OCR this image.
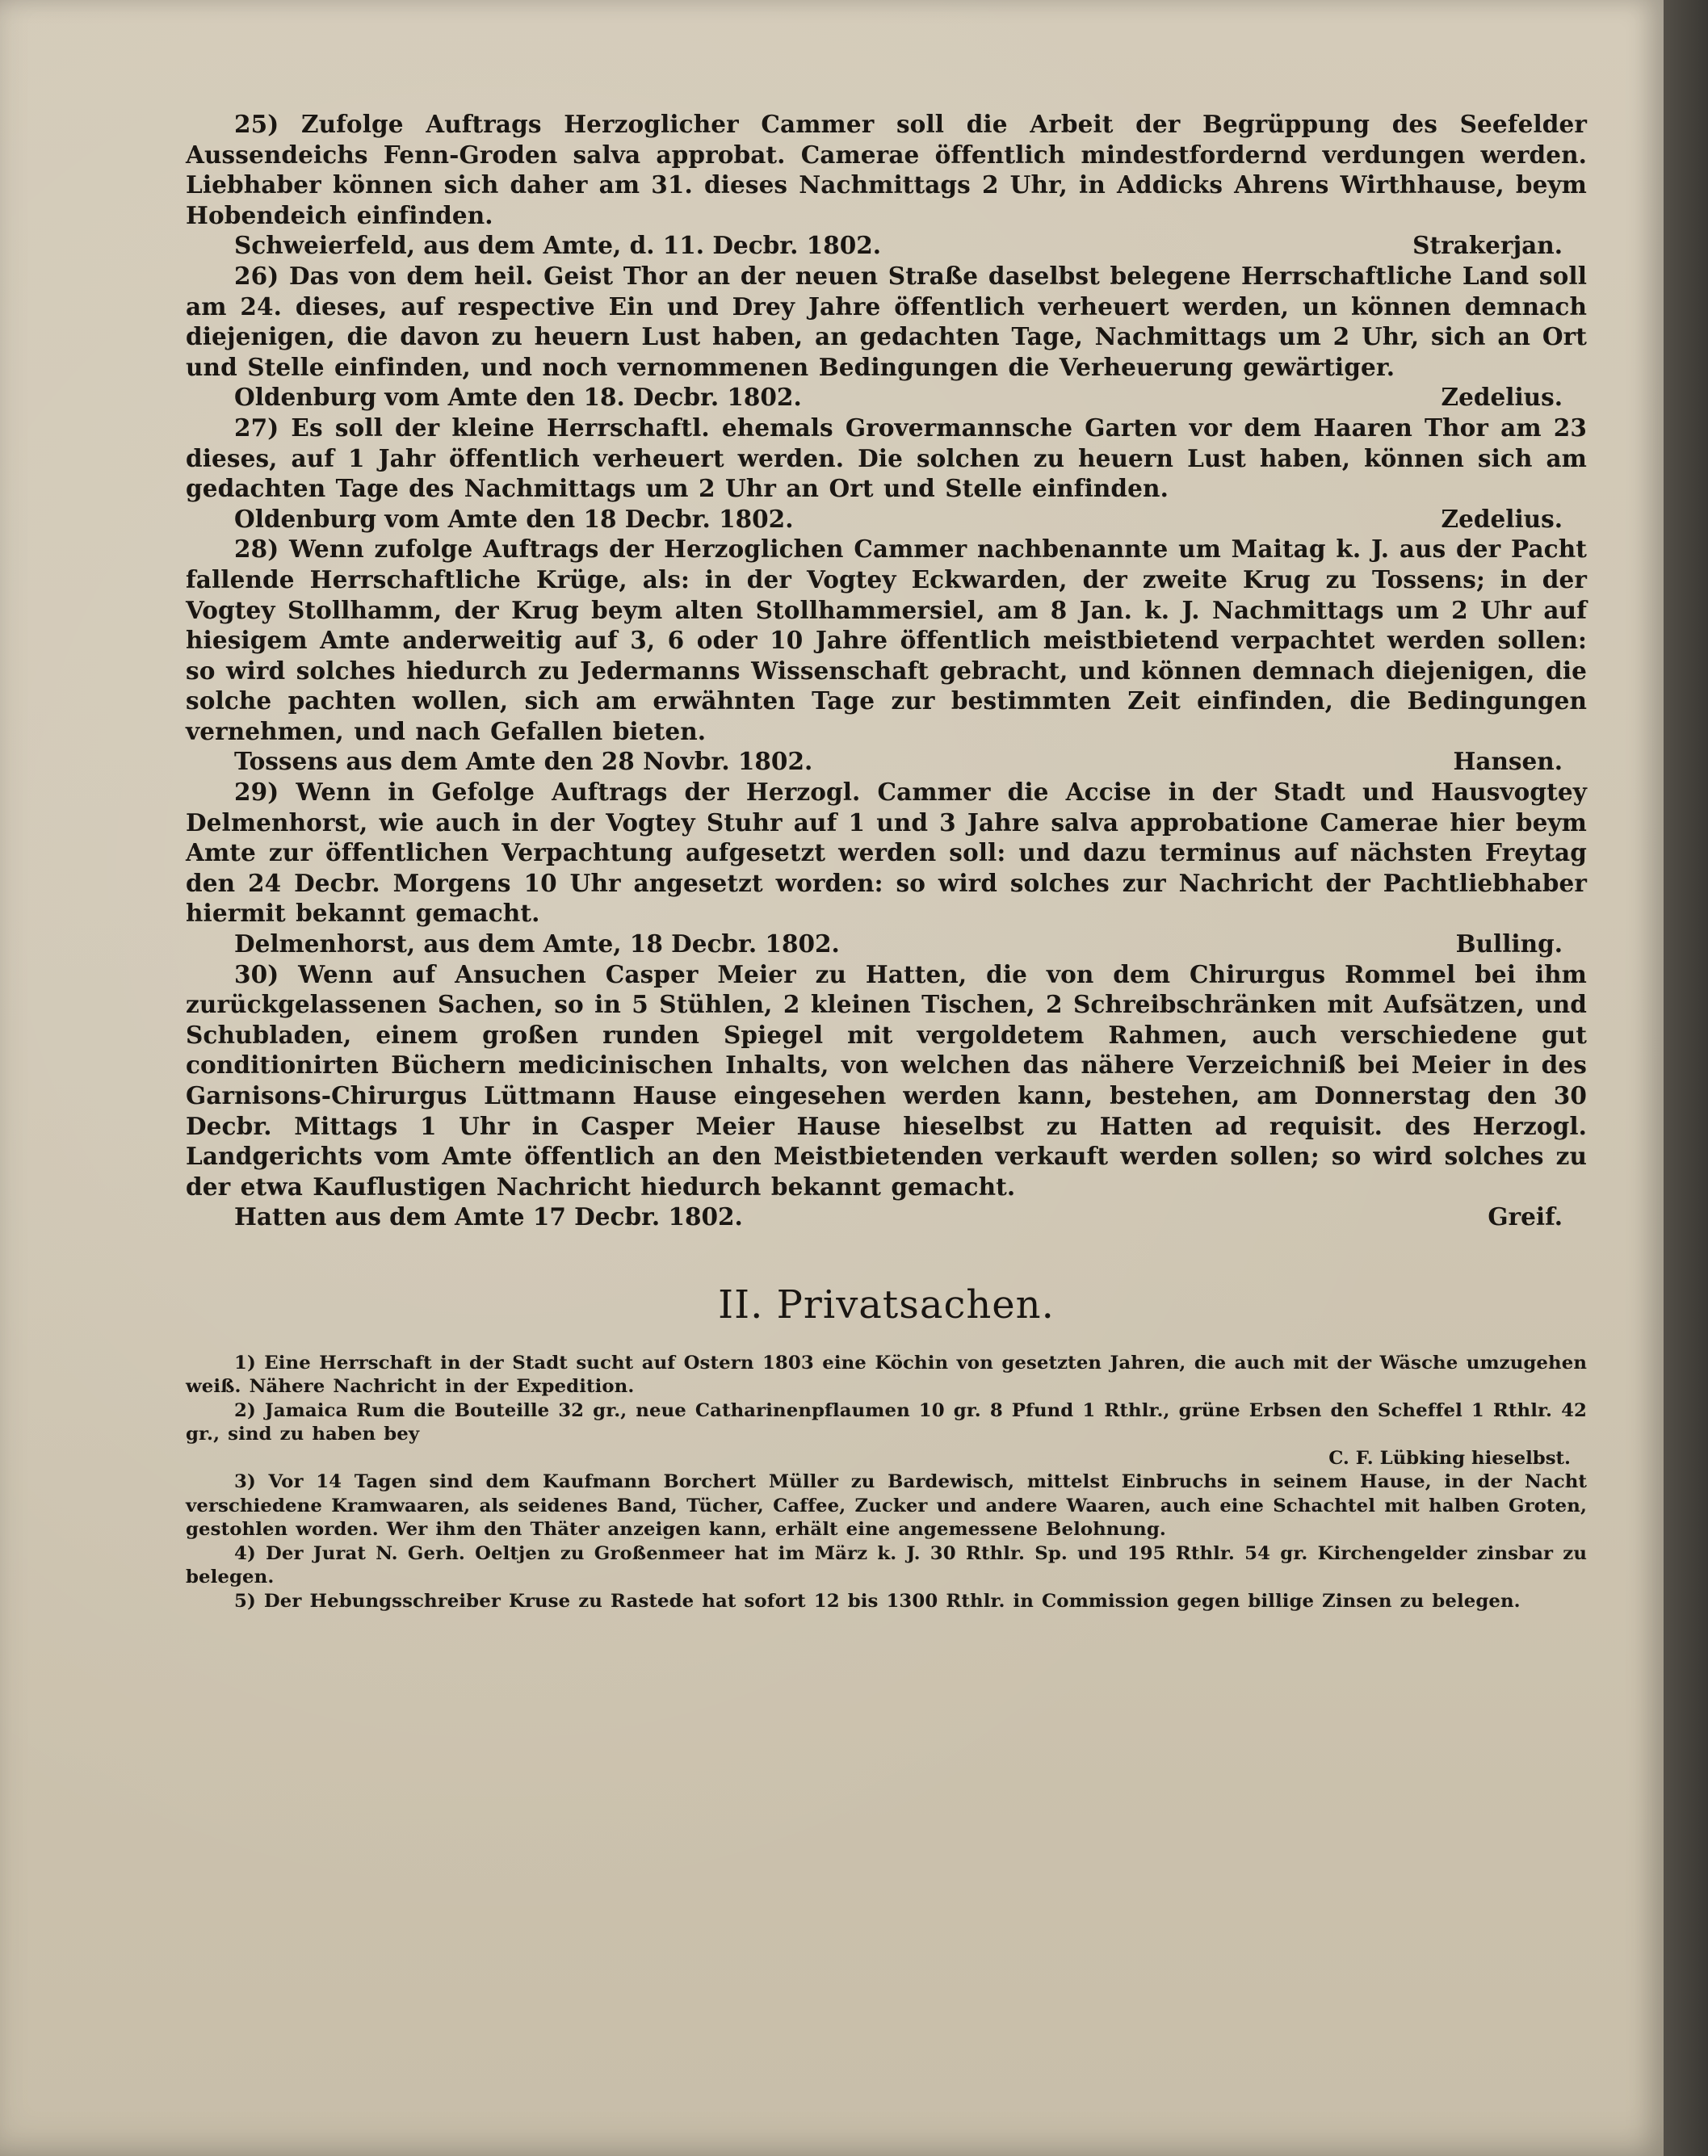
25) Zufolge Auftrags Herzoglicher Cammer soll die Arbeit der Begrüppung des Seefelder Aussendeichs Fenn-Groden salva approbat. Camerae öffentlich mindestfordernd verdungen werden. Liebhaber können sich daher am 31. dieses Nachmittags 2 Uhr, in Addicks Ahrens Wirthhause, beym Hobendeich einfinden.

Schweierfeld, aus dem Amte, d. 11. Decbr. 1802.	Strakerjan.

26) Das von dem heil. Geist Thor an der neuen Straße daselbst belegene Herrschaftliche Land soll am 24. dieses, auf respective Ein und Drey Jahre öffentlich verheuert werden, un können demnach diejenigen, die davon zu heuern Lust haben, an gedachten Tage, Nachmittags um 2 Uhr, sich an Ort und Stelle einfinden, und noch vernommenen Bedingungen die Verheuerung gewärtiger.

Oldenburg vom Amte den 18. Decbr. 1802.	Zedelius.

27) Es soll der kleine Herrschaftl. ehemals Grovermannsche Garten vor dem Haaren Thor am 23 dieses, auf 1 Jahr öffentlich verheuert werden. Die solchen zu heuern Lust haben, können sich am gedachten Tage des Nachmittags um 2 Uhr an Ort und Stelle einfinden.

Oldenburg vom Amte den 18 Decbr. 1802.	Zedelius.

28) Wenn zufolge Auftrags der Herzoglichen Cammer nachbenannte um Maitag k. J. aus der Pacht fallende Herrschaftliche Krüge, als: in der Vogtey Eckwarden, der zweite Krug zu Tossens; in der Vogtey Stollhamm, der Krug beym alten Stollhammersiel, am 8 Jan. k. J. Nachmittags um 2 Uhr auf hiesigem Amte anderweitig auf 3, 6 oder 10 Jahre öffentlich meistbietend verpachtet werden sollen: so wird solches hiedurch zu Jedermanns Wissenschaft gebracht, und können demnach diejenigen, die solche pachten wollen, sich am erwähnten Tage zur bestimmten Zeit einfinden, die Bedingungen vernehmen, und nach Gefallen bieten.

Tossens aus dem Amte den 28 Novbr. 1802.	Hansen.

29) Wenn in Gefolge Auftrags der Herzogl. Cammer die Accise in der Stadt und Hausvogtey Delmenhorst, wie auch in der Vogtey Stuhr auf 1 und 3 Jahre salva approbatione Camerae hier beym Amte zur öffentlichen Verpachtung aufgesetzt werden soll: und dazu terminus auf nächsten Freytag den 24 Decbr. Morgens 10 Uhr angesetzt worden: so wird solches zur Nachricht der Pachtliebhaber hiermit bekannt gemacht.

Delmenhorst, aus dem Amte, 18 Decbr. 1802.	Bulling.

30) Wenn auf Ansuchen Casper Meier zu Hatten, die von dem Chirurgus Rommel bei ihm zurückgelassenen Sachen, so in 5 Stühlen, 2 kleinen Tischen, 2 Schreibschränken mit Aufsätzen, und Schubladen, einem großen runden Spiegel mit vergoldetem Rahmen, auch verschiedene gut conditionirten Büchern medicinischen Inhalts, von welchen das nähere Verzeichniß bei Meier in des Garnisons-Chirurgus Lüttmann Hause eingesehen werden kann, bestehen, am Donnerstag den 30 Decbr. Mittags 1 Uhr in Casper Meier Hause hieselbst zu Hatten ad requisit. des Herzogl. Landgerichts vom Amte öffentlich an den Meistbietenden verkauft werden sollen; so wird solches zu der etwa Kauflustigen Nachricht hiedurch bekannt gemacht.

Hatten aus dem Amte 17 Decbr. 1802.	Greif.
II. Privatsachen.

1) Eine Herrschaft in der Stadt sucht auf Ostern 1803 eine Köchin von gesetzten Jahren, die auch mit der Wäsche umzugehen weiß. Nähere Nachricht in der Expedition.

2) Jamaica Rum die Bouteille 32 gr., neue Catharinenpflaumen 10 gr. 8 Pfund 1 Rthlr., grüne Erbsen den Scheffel 1 Rthlr. 42 gr., sind zu haben bey

C. F. Lübking hieselbst.

3) Vor 14 Tagen sind dem Kaufmann Borchert Müller zu Bardewisch, mittelst Einbruchs in seinem Hause, in der Nacht verschiedene Kramwaaren, als seidenes Band, Tücher, Caffee, Zucker und andere Waaren, auch eine Schachtel mit halben Groten, gestohlen worden. Wer ihm den Thäter anzeigen kann, erhält eine angemessene Belohnung.

4) Der Jurat N. Gerh. Oeltjen zu Großenmeer hat im März k. J. 30 Rthlr. Sp. und 195 Rthlr. 54 gr. Kirchengelder zinsbar zu belegen.

5) Der Hebungsschreiber Kruse zu Rastede hat sofort 12 bis 1300 Rthlr. in Commission gegen billige Zinsen zu belegen.
